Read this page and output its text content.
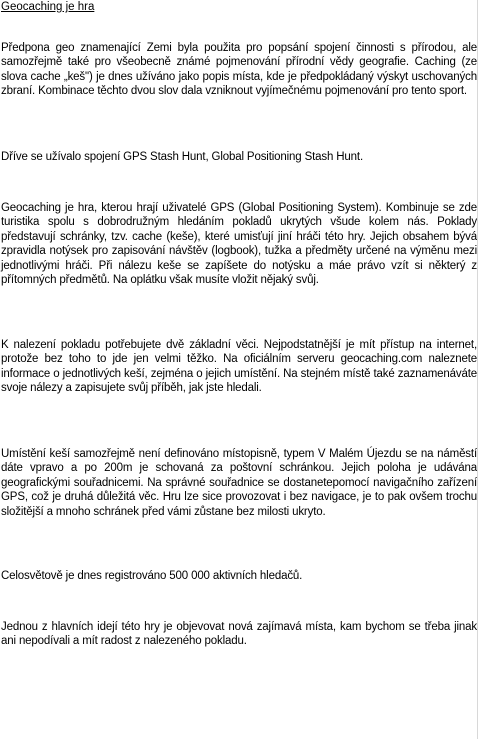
Geocaching je hra

Předpona geo znamenající Zemi byla použita pro popsání spojení činnosti s přírodou, ale samozřejmě také pro všeobecně známé pojmenování přírodní vědy geografie. Caching (ze slova cache „keš") je dnes užíváno jako popis místa, kde je předpokládaný výskyt uschovaných zbraní. Kombinace těchto dvou slov dala vzniknout vyjímečnému pojmenování pro tento sport.

Dříve se užívalo spojení GPS Stash Hunt, Global Positioning Stash Hunt.

Geocaching je hra, kterou hrají uživatelé GPS (Global Positioning System). Kombinuje se zde turistika spolu s dobrodružným hledáním pokladů ukrytých všude kolem nás. Poklady představují schránky, tzv. cache (keše), které umisťují jiní hráči této hry. Jejich obsahem bývá zpravidla notýsek pro zapisování návštěv (logbook), tužka a předměty určené na výměnu mezi jednotlivými hráči. Při nálezu keše se zapíšete do notýsku a máe právo vzít si některý z přítomných předmětů. Na oplátku však musíte vložit nějaký svůj.

K nalezení pokladu potřebujete dvě základní věci. Nejpodstatnější je mít přístup na internet, protože bez toho to jde jen velmi těžko. Na oficiálním serveru geocaching.com naleznete informace o jednotlivých keší, zejména o jejich umístění. Na stejném místě také zaznamenáváte svoje nálezy a zapisujete svůj příběh, jak jste hledali.

Umístění keší samozřejmě není definováno místopisně, typem V Malém Újezdu se na náměstí dáte vpravo a po 200m je schovaná za poštovní schránkou. Jejich poloha je udávána geografickými souřadnicemi. Na správné souřadnice se dostanetepomocí navigačního zařízení GPS, což je druhá důležitá věc. Hru lze sice provozovat i bez navigace, je to pak ovšem trochu složitější a mnoho schránek před vámi zůstane bez milosti ukryto.

Celosvětově je dnes registrováno 500 000 aktivních hledačů.

Jednou z hlavních idejí této hry je objevovat nová zajímavá místa, kam bychom se třeba jinak ani nepodívali a mít radost z nalezeného pokladu.
